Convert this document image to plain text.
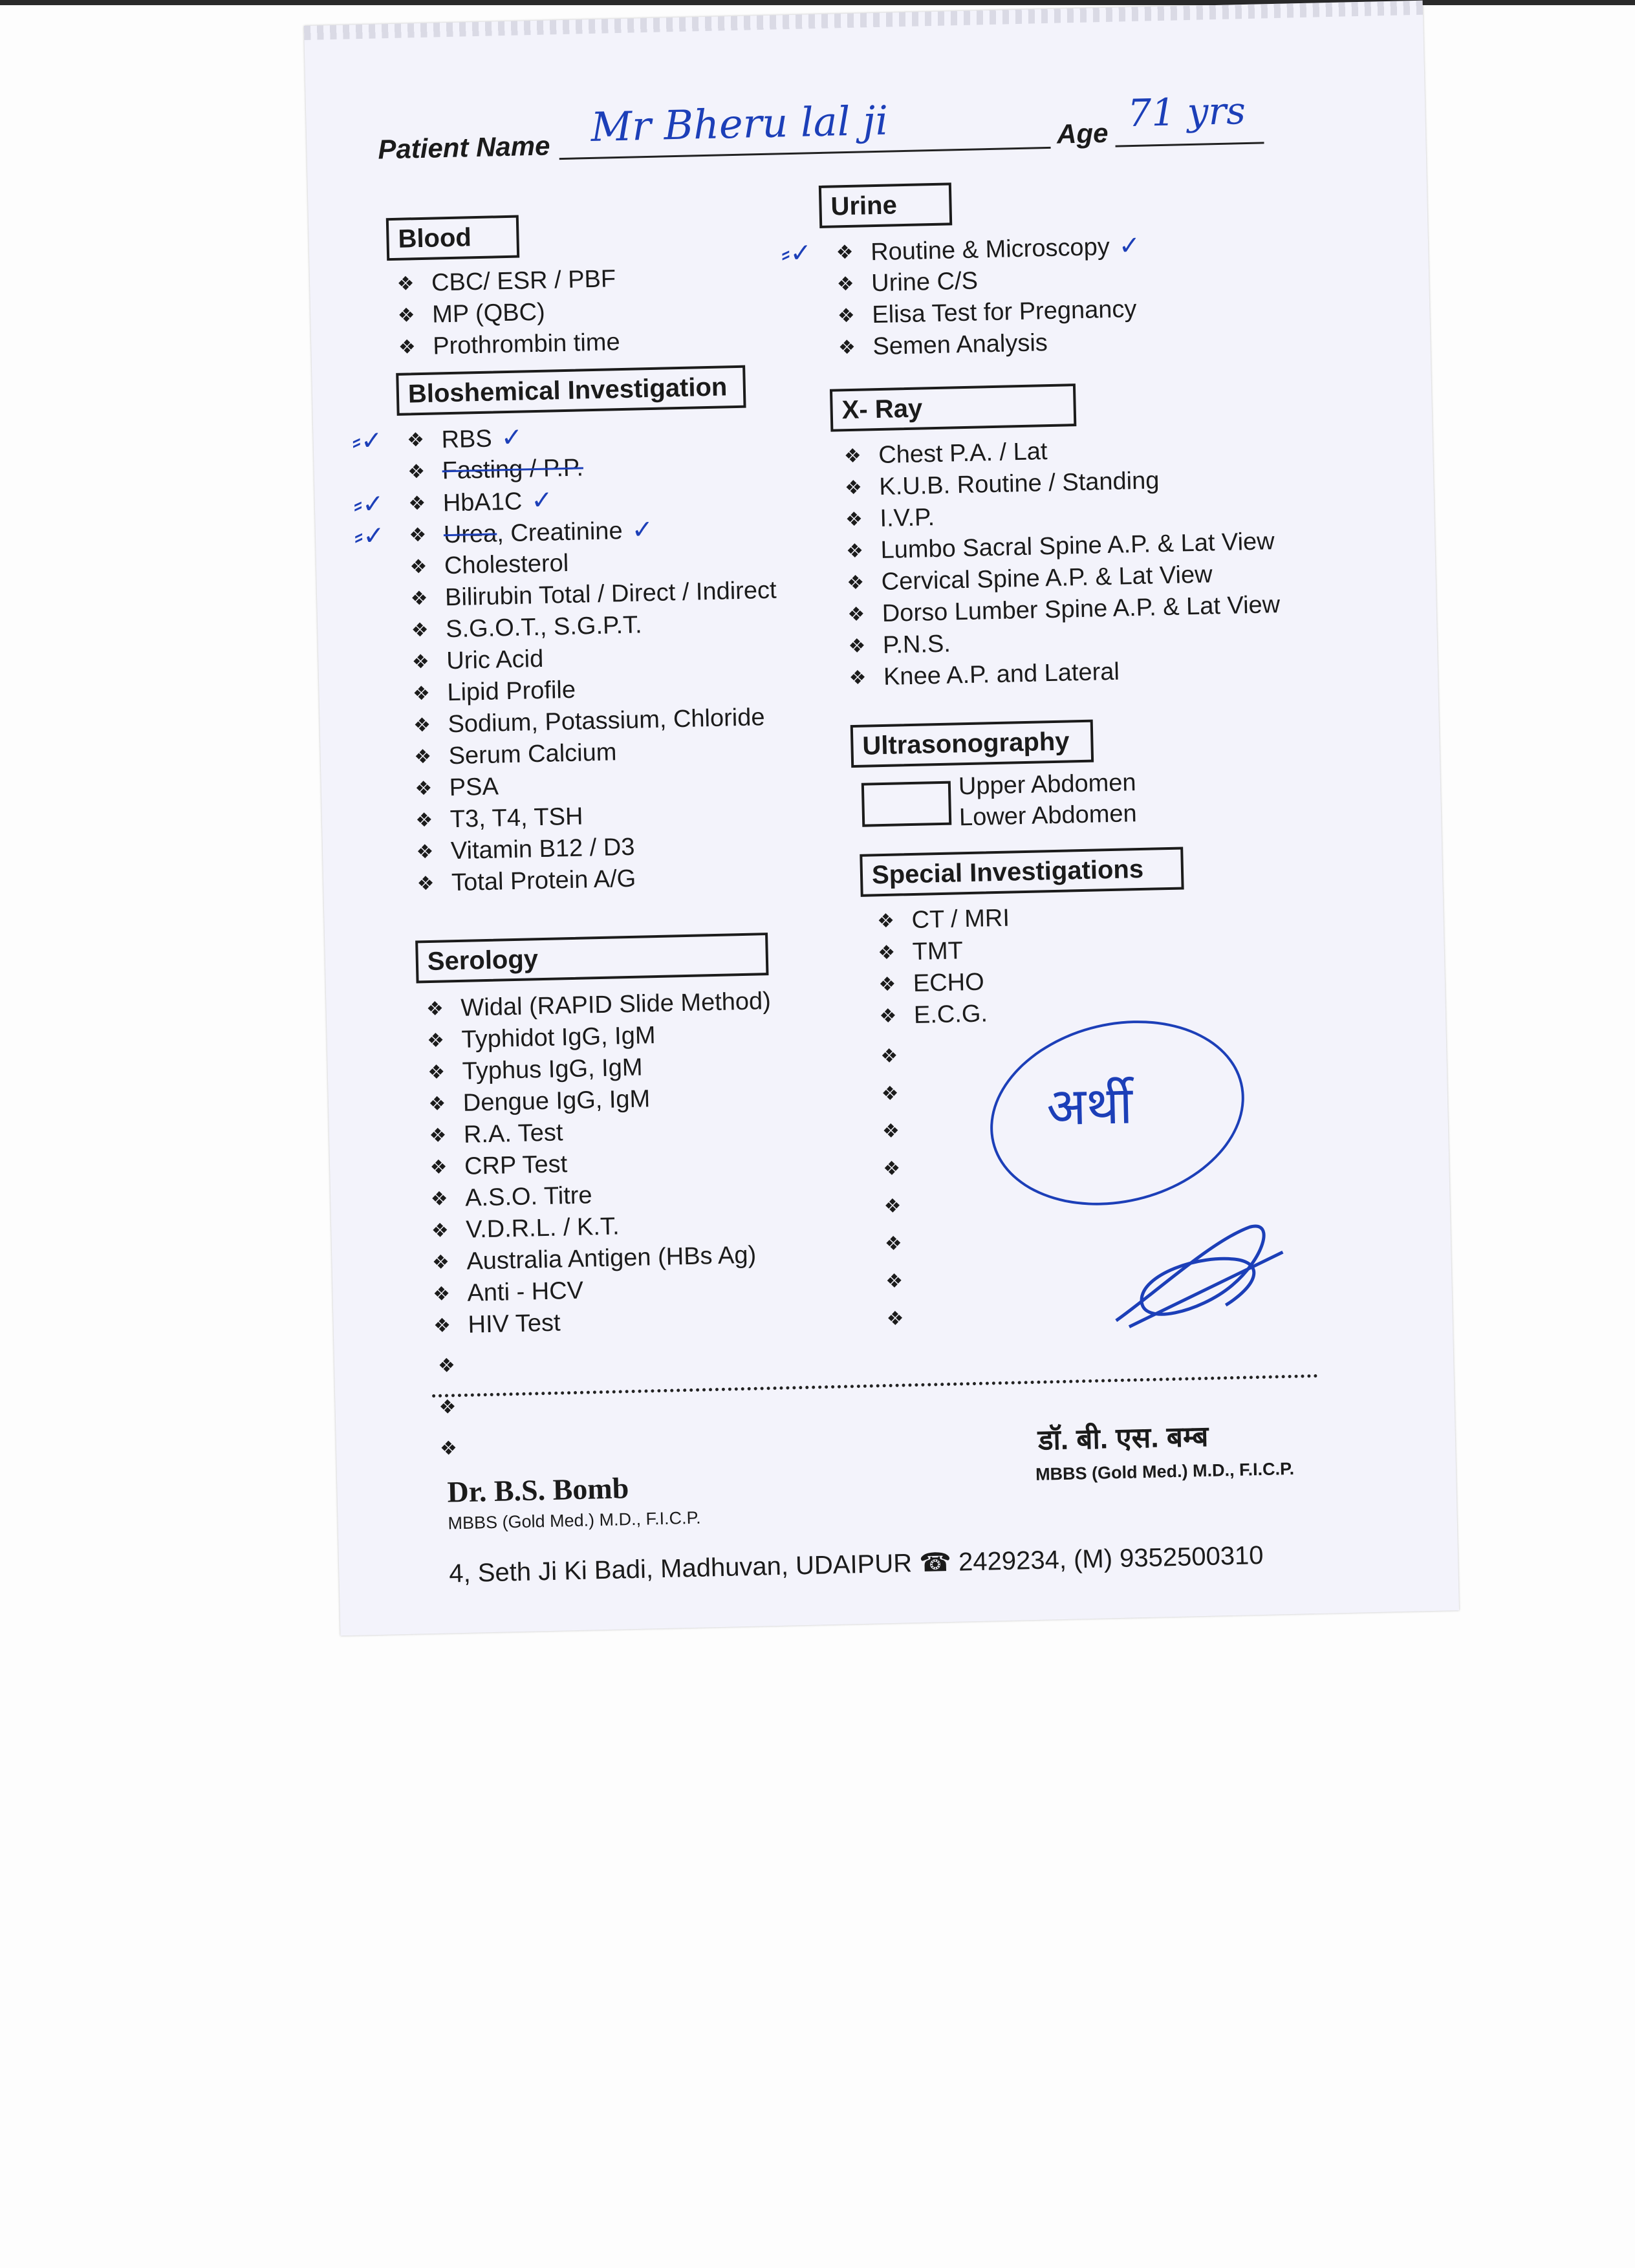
Patient Name Mr Bheru lal ji	Age 71 yrs
Blood
❖ CBC/ ESR / PBF
❖ MP (QBC)
❖ Prothrombin time
Bloshemical Investigation
⸗✓ ❖ RBS ✓
❖ Fasting / P.P.
⸗✓ ❖ HbA1C ✓
⸗✓ ❖ Urea, Creatinine ✓
❖ Cholesterol
❖ Bilirubin Total / Direct / Indirect
❖ S.G.O.T., S.G.P.T.
❖ Uric Acid
❖ Lipid Profile
❖ Sodium, Potassium, Chloride
❖ Serum Calcium
❖ PSA
❖ T3, T4, TSH
❖ Vitamin B12 / D3
❖ Total Protein A/G
Serology
❖ Widal (RAPID Slide Method)
❖ Typhidot IgG, IgM
❖ Typhus IgG, IgM
❖ Dengue IgG, IgM
❖ R.A. Test
❖ CRP Test
❖ A.S.O. Titre
❖ V.D.R.L. / K.T.
❖ Australia Antigen (HBs Ag)
❖ Anti - HCV
❖ HIV Test
❖
❖
❖
Urine
⸗✓ ❖ Routine & Microscopy ✓
❖ Urine C/S
❖ Elisa Test for Pregnancy
❖ Semen Analysis
X- Ray
❖ Chest P.A. / Lat
❖ K.U.B. Routine / Standing
❖ I.V.P.
❖ Lumbo Sacral Spine A.P. & Lat View
❖ Cervical Spine A.P. & Lat View
❖ Dorso Lumber Spine A.P. & Lat View
❖ P.N.S.
❖ Knee A.P. and Lateral
Ultrasonography
Upper Abdomen
Lower Abdomen
Special Investigations
❖ CT / MRI
❖ TMT
❖ ECHO
❖ E.C.G.
❖
❖
❖
❖
❖
❖
❖
❖
अर्थी
Dr. B.S. Bomb
MBBS (Gold Med.) M.D., F.I.C.P.
डॉ. बी. एस. बम्ब
MBBS (Gold Med.) M.D., F.I.C.P.
4, Seth Ji Ki Badi, Madhuvan, UDAIPUR ☎ 2429234, (M) 9352500310
